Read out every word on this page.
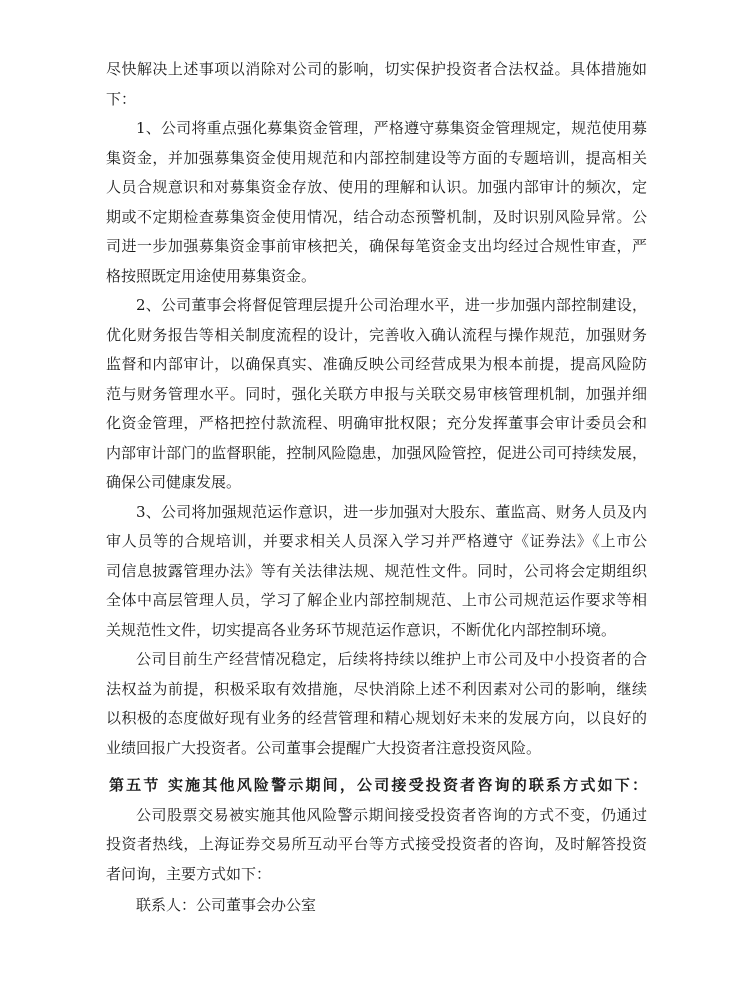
尽快解决上述事项以消除对公司的影响，切实保护投资者合法权益。具体措施如
下：
1、公司将重点强化募集资金管理，严格遵守募集资金管理规定，规范使用募
集资金，并加强募集资金使用规范和内部控制建设等方面的专题培训，提高相关
人员合规意识和对募集资金存放、使用的理解和认识。加强内部审计的频次，定
期或不定期检查募集资金使用情况，结合动态预警机制，及时识别风险异常。公
司进一步加强募集资金事前审核把关，确保每笔资金支出均经过合规性审查，严
格按照既定用途使用募集资金。
2、公司董事会将督促管理层提升公司治理水平，进一步加强内部控制建设，
优化财务报告等相关制度流程的设计，完善收入确认流程与操作规范，加强财务
监督和内部审计，以确保真实、准确反映公司经营成果为根本前提，提高风险防
范与财务管理水平。同时，强化关联方申报与关联交易审核管理机制，加强并细
化资金管理，严格把控付款流程、明确审批权限；充分发挥董事会审计委员会和
内部审计部门的监督职能，控制风险隐患，加强风险管控，促进公司可持续发展，
确保公司健康发展。
3、公司将加强规范运作意识，进一步加强对大股东、董监高、财务人员及内
审人员等的合规培训，并要求相关人员深入学习并严格遵守《证券法》《上市公
司信息披露管理办法》等有关法律法规、规范性文件。同时，公司将会定期组织
全体中高层管理人员，学习了解企业内部控制规范、上市公司规范运作要求等相
关规范性文件，切实提高各业务环节规范运作意识，不断优化内部控制环境。
公司目前生产经营情况稳定，后续将持续以维护上市公司及中小投资者的合
法权益为前提，积极采取有效措施，尽快消除上述不利因素对公司的影响，继续
以积极的态度做好现有业务的经营管理和精心规划好未来的发展方向，以良好的
业绩回报广大投资者。公司董事会提醒广大投资者注意投资风险。
第五节 实施其他风险警示期间，公司接受投资者咨询的联系方式如下：
公司股票交易被实施其他风险警示期间接受投资者咨询的方式不变，仍通过
投资者热线，上海证券交易所互动平台等方式接受投资者的咨询，及时解答投资
者问询，主要方式如下：
联系人：公司董事会办公室
